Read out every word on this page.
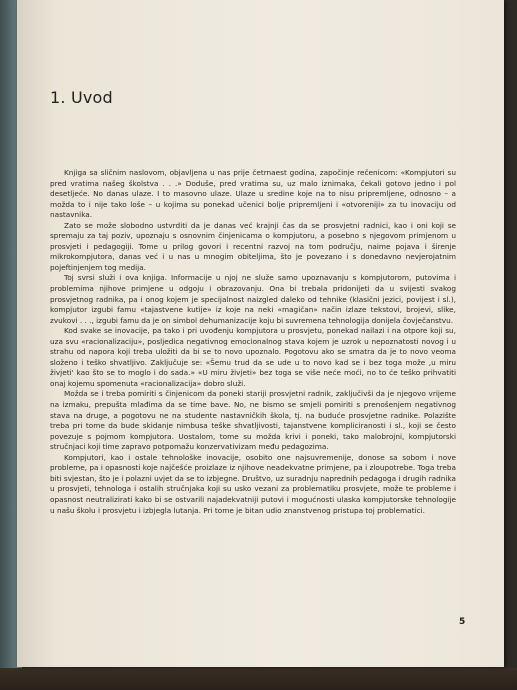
1. Uvod

Knjiga sa sličnim naslovom, objavljena u nas prije četrnaest godina, započinje rečenicom: «Kompjutori su pred vratima našeg školstva . . .» Doduše, pred vratima su, uz malo iznimaka, čekali gotovo jedno i pol desetljeće. No danas ulaze. I to masovno ulaze. Ulaze u sredine koje na to nisu pripremljene, odnosno – a možda to i nije tako loše – u kojima su ponekad učenici bolje pripremljeni i «otvoreniji» za tu inovaciju od nastavnika.

Zato se može slobodno ustvrditi da je danas već krajnji čas da se prosvjetni radnici, kao i oni koji se spremaju za taj poziv, upoznaju s osnovnim činjenicama o kompjutoru, a posebno s njegovom primjenom u prosvjeti i pedagogiji. Tome u prilog govori i recentni razvoj na tom području, naime pojava i širenje mikrokompjutora, danas već i u nas u mnogim obiteljima, što je povezano i s donedavno nevjerojatnim pojeftinjenjem tog medija.

Toj svrsi služi i ova knjiga. Informacije u njoj ne služe samo upoznavanju s kompjutorom, putovima i problemima njihove primjene u odgoju i obrazovanju. Ona bi trebala pridonijeti da u svijesti svakog prosvjetnog radnika, pa i onog kojem je specijalnost naizgled daleko od tehnike (klasični jezici, povijest i sl.), kompjutor izgubi famu «tajastvene kutije» iz koje na neki «magičan» način izlaze tekstovi, brojevi, slike, zvukovi . . ., izgubi famu da je on simbol dehumanizacije koju bi suvremena tehnologija donijela čovječanstvu.

Kod svake se inovacije, pa tako i pri uvođenju kompjutora u prosvjetu, ponekad nailazi i na otpore koji su, uza svu «racionalizaciju», posljedica negativnog emocionalnog stava kojem je uzrok u nepoznatosti novog i u strahu od napora koji treba uložiti da bi se to novo upoznalo. Pogotovu ako se smatra da je to novo veoma složeno i teško shvatljivo. Zaključuje se: «Šemu trud da se ude u to novo kad se i bez toga može ‚u miru živjeti' kao što se to moglo i do sada.» «U miru živjeti» bez toga se više neće moći, no to će teško prihvatiti onaj kojemu spomenuta «racionalizacija» dobro služi.

Možda se i treba pomiriti s činjenicom da poneki stariji prosvjetni radnik, zaključivši da je njegovo vrijeme na izmaku, prepušta mlađima da se time bave. No, ne bismo se smjeli pomiriti s prenošenjem negativnog stava na druge, a pogotovu ne na studente nastavničkih škola, tj. na buduće prosvjetne radnike. Polazište treba pri tome da bude skidanje nimbusa teške shvatljivosti, tajanstvene kompliciranosti i sl., koji se često povezuje s pojmom kompjutora. Uostalom, tome su možda krivi i poneki, tako malobrojni, kompjutorski stručnjaci koji time zapravo potpomažu konzervativizam među pedagozima.

Kompjutori, kao i ostale tehnološke inovacije, osobito one najsuvremenije, donose sa sobom i nove probleme, pa i opasnosti koje najčešće proizlaze iz njihove neadekvatne primjene, pa i zloupotrebe. Toga treba biti svjestan, što je i polazni uvjet da se to izbjegne. Društvo, uz suradnju naprednih pedagoga i drugih radnika u prosvjeti, tehnologa i ostalih stručnjaka koji su usko vezani za problematiku prosvjete, može te probleme i opasnost neutralizirati kako bi se ostvarili najadekvatniji putovi i mogućnosti ulaska kompjutorske tehnologije u našu školu i prosvjetu i izbjegla lutanja. Pri tome je bitan udio znanstvenog pristupa toj problematici.

5
